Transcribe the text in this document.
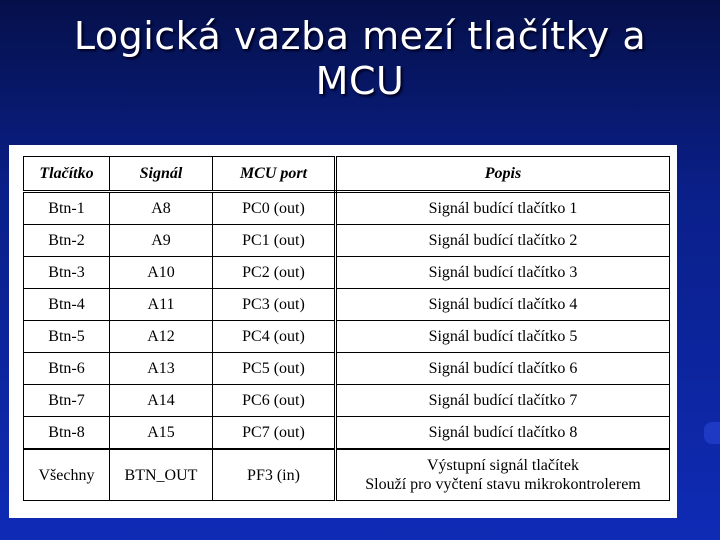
Logická vazba mezí tlačítky a
MCU
Tlačítko	Signál	MCU port	Popis
Btn-1	A8	PC0 (out)	Signál budící tlačítko 1
Btn-2	A9	PC1 (out)	Signál budící tlačítko 2
Btn-3	A10	PC2 (out)	Signál budící tlačítko 3
Btn-4	A11	PC3 (out)	Signál budící tlačítko 4
Btn-5	A12	PC4 (out)	Signál budící tlačítko 5
Btn-6	A13	PC5 (out)	Signál budící tlačítko 6
Btn-7	A14	PC6 (out)	Signál budící tlačítko 7
Btn-8	A15	PC7 (out)	Signál budící tlačítko 8
Všechny	BTN_OUT	PF3 (in)	Výstupní signál tlačítek
Slouží pro vyčtení stavu mikrokontrolerem
